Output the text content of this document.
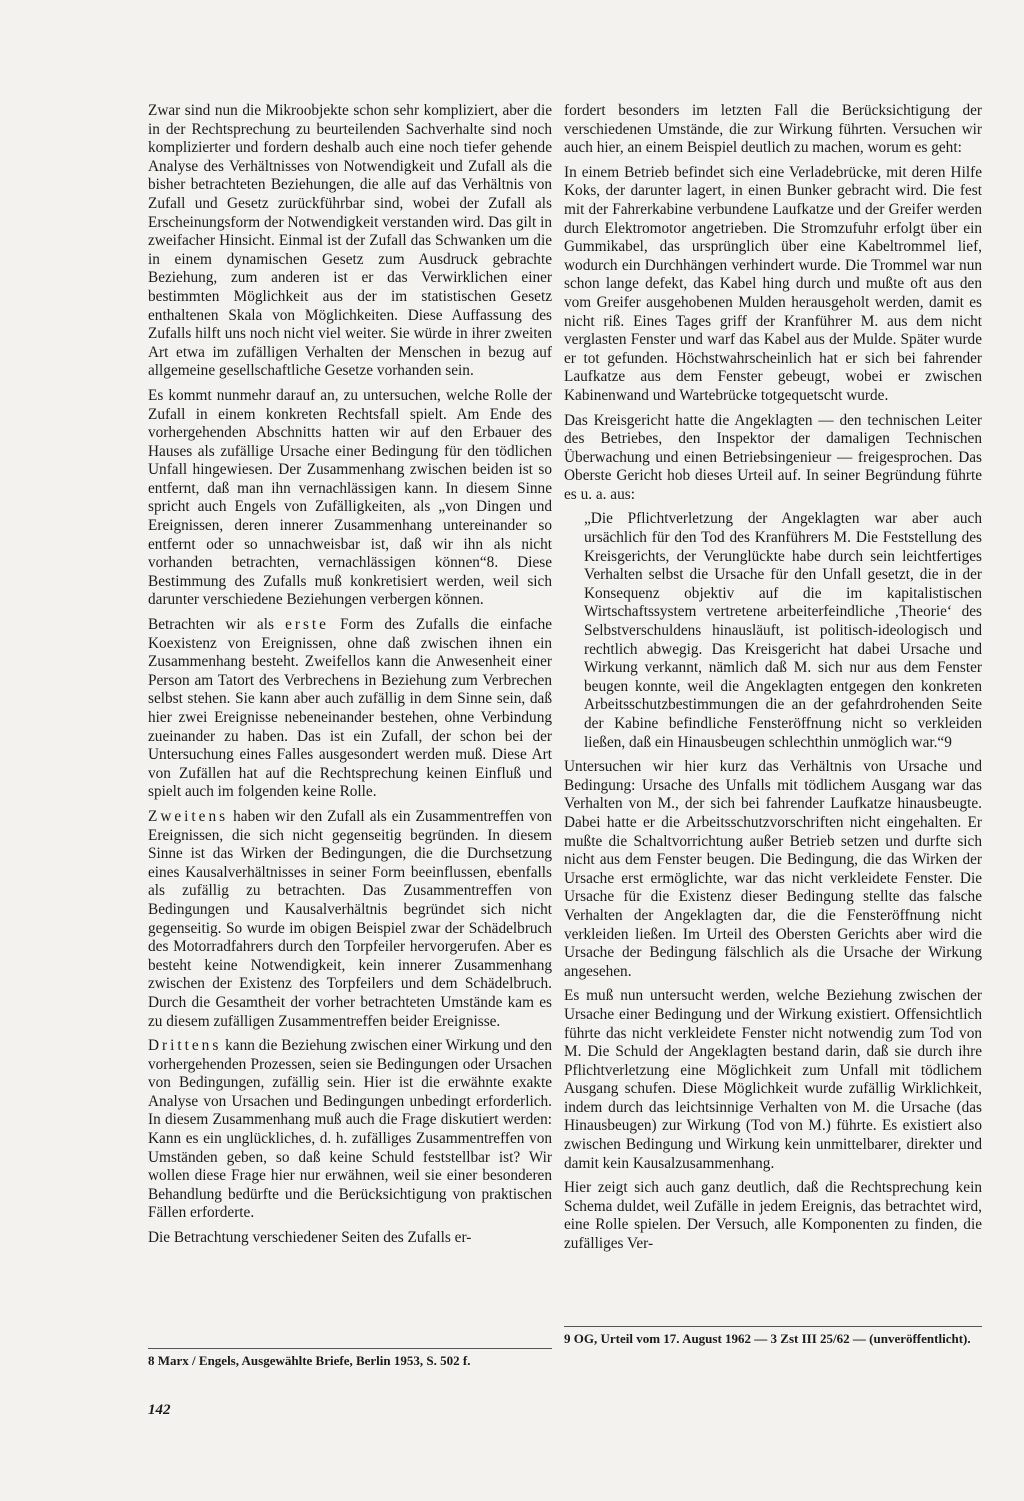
Zwar sind nun die Mikroobjekte schon sehr kompliziert, aber die in der Rechtsprechung zu beurteilenden Sachverhalte sind noch komplizierter und fordern deshalb auch eine noch tiefer gehende Analyse des Verhältnisses von Notwendigkeit und Zufall als die bisher betrachteten Beziehungen, die alle auf das Verhältnis von Zufall und Gesetz zurückführbar sind, wobei der Zufall als Erscheinungsform der Notwendigkeit verstanden wird. Das gilt in zweifacher Hinsicht. Einmal ist der Zufall das Schwanken um die in einem dynamischen Gesetz zum Ausdruck gebrachte Beziehung, zum anderen ist er das Verwirklichen einer bestimmten Möglichkeit aus der im statistischen Gesetz enthaltenen Skala von Möglichkeiten. Diese Auffassung des Zufalls hilft uns noch nicht viel weiter. Sie würde in ihrer zweiten Art etwa im zufälligen Verhalten der Menschen in bezug auf allgemeine gesellschaftliche Gesetze vorhanden sein.

Es kommt nunmehr darauf an, zu untersuchen, welche Rolle der Zufall in einem konkreten Rechtsfall spielt. Am Ende des vorhergehenden Abschnitts hatten wir auf den Erbauer des Hauses als zufällige Ursache einer Bedingung für den tödlichen Unfall hingewiesen. Der Zusammenhang zwischen beiden ist so entfernt, daß man ihn vernachlässigen kann. In diesem Sinne spricht auch Engels von Zufälligkeiten, als „von Dingen und Ereignissen, deren innerer Zusammenhang untereinander so entfernt oder so unnachweisbar ist, daß wir ihn als nicht vorhanden betrachten, vernachlässigen können“8. Diese Bestimmung des Zufalls muß konkretisiert werden, weil sich darunter verschiedene Beziehungen verbergen können.

Betrachten wir als erste Form des Zufalls die einfache Koexistenz von Ereignissen, ohne daß zwischen ihnen ein Zusammenhang besteht. Zweifellos kann die Anwesenheit einer Person am Tatort des Verbrechens in Beziehung zum Verbrechen selbst stehen. Sie kann aber auch zufällig in dem Sinne sein, daß hier zwei Ereignisse nebeneinander bestehen, ohne Verbindung zueinander zu haben. Das ist ein Zufall, der schon bei der Untersuchung eines Falles ausgesondert werden muß. Diese Art von Zufällen hat auf die Rechtsprechung keinen Einfluß und spielt auch im folgenden keine Rolle.

Zweitens haben wir den Zufall als ein Zusammentreffen von Ereignissen, die sich nicht gegenseitig begründen. In diesem Sinne ist das Wirken der Bedingungen, die die Durchsetzung eines Kausalverhältnisses in seiner Form beeinflussen, ebenfalls als zufällig zu betrachten. Das Zusammentreffen von Bedingungen und Kausalverhältnis begründet sich nicht gegenseitig. So wurde im obigen Beispiel zwar der Schädelbruch des Motorradfahrers durch den Torpfeiler hervorgerufen. Aber es besteht keine Notwendigkeit, kein innerer Zusammenhang zwischen der Existenz des Torpfeilers und dem Schädelbruch. Durch die Gesamtheit der vorher betrachteten Umstände kam es zu diesem zufälligen Zusammentreffen beider Ereignisse.

Drittens kann die Beziehung zwischen einer Wirkung und den vorhergehenden Prozessen, seien sie Bedingungen oder Ursachen von Bedingungen, zufällig sein. Hier ist die erwähnte exakte Analyse von Ursachen und Bedingungen unbedingt erforderlich. In diesem Zusammenhang muß auch die Frage diskutiert werden: Kann es ein unglückliches, d. h. zufälliges Zusammentreffen von Umständen geben, so daß keine Schuld feststellbar ist? Wir wollen diese Frage hier nur erwähnen, weil sie einer besonderen Behandlung bedürfte und die Berücksichtigung von praktischen Fällen erforderte.

Die Betrachtung verschiedener Seiten des Zufalls er-

fordert besonders im letzten Fall die Berücksichtigung der verschiedenen Umstände, die zur Wirkung führten. Versuchen wir auch hier, an einem Beispiel deutlich zu machen, worum es geht:

In einem Betrieb befindet sich eine Verladebrücke, mit deren Hilfe Koks, der darunter lagert, in einen Bunker gebracht wird. Die fest mit der Fahrerkabine verbundene Laufkatze und der Greifer werden durch Elektromotor angetrieben. Die Stromzufuhr erfolgt über ein Gummikabel, das ursprünglich über eine Kabeltrommel lief, wodurch ein Durchhängen verhindert wurde. Die Trommel war nun schon lange defekt, das Kabel hing durch und mußte oft aus den vom Greifer ausgehobenen Mulden herausgeholt werden, damit es nicht riß. Eines Tages griff der Kranführer M. aus dem nicht verglasten Fenster und warf das Kabel aus der Mulde. Später wurde er tot gefunden. Höchstwahrscheinlich hat er sich bei fahrender Laufkatze aus dem Fenster gebeugt, wobei er zwischen Kabinenwand und Wartebrücke totgequetscht wurde.

Das Kreisgericht hatte die Angeklagten — den technischen Leiter des Betriebes, den Inspektor der damaligen Technischen Überwachung und einen Betriebsingenieur — freigesprochen. Das Oberste Gericht hob dieses Urteil auf. In seiner Begründung führte es u. a. aus:

„Die Pflichtverletzung der Angeklagten war aber auch ursächlich für den Tod des Kranführers M. Die Feststellung des Kreisgerichts, der Verunglückte habe durch sein leichtfertiges Verhalten selbst die Ursache für den Unfall gesetzt, die in der Konsequenz objektiv auf die im kapitalistischen Wirtschaftssystem vertretene arbeiterfeindliche ‚Theorie‘ des Selbstverschuldens hinausläuft, ist politisch-ideologisch und rechtlich abwegig. Das Kreisgericht hat dabei Ursache und Wirkung verkannt, nämlich daß M. sich nur aus dem Fenster beugen konnte, weil die Angeklagten entgegen den konkreten Arbeitsschutzbestimmungen die an der gefahrdrohenden Seite der Kabine befindliche Fensteröffnung nicht so verkleiden ließen, daß ein Hinausbeugen schlechthin unmöglich war.“9

Untersuchen wir hier kurz das Verhältnis von Ursache und Bedingung: Ursache des Unfalls mit tödlichem Ausgang war das Verhalten von M., der sich bei fahrender Laufkatze hinausbeugte. Dabei hatte er die Arbeitsschutzvorschriften nicht eingehalten. Er mußte die Schaltvorrichtung außer Betrieb setzen und durfte sich nicht aus dem Fenster beugen. Die Bedingung, die das Wirken der Ursache erst ermöglichte, war das nicht verkleidete Fenster. Die Ursache für die Existenz dieser Bedingung stellte das falsche Verhalten der Angeklagten dar, die die Fensteröffnung nicht verkleiden ließen. Im Urteil des Obersten Gerichts aber wird die Ursache der Bedingung fälschlich als die Ursache der Wirkung angesehen.

Es muß nun untersucht werden, welche Beziehung zwischen der Ursache einer Bedingung und der Wirkung existiert. Offensichtlich führte das nicht verkleidete Fenster nicht notwendig zum Tod von M. Die Schuld der Angeklagten bestand darin, daß sie durch ihre Pflichtverletzung eine Möglichkeit zum Unfall mit tödlichem Ausgang schufen. Diese Möglichkeit wurde zufällig Wirklichkeit, indem durch das leichtsinnige Verhalten von M. die Ursache (das Hinausbeugen) zur Wirkung (Tod von M.) führte. Es existiert also zwischen Bedingung und Wirkung kein unmittelbarer, direkter und damit kein Kausalzusammenhang.

Hier zeigt sich auch ganz deutlich, daß die Rechtsprechung kein Schema duldet, weil Zufälle in jedem Ereignis, das betrachtet wird, eine Rolle spielen. Der Versuch, alle Komponenten zu finden, die zufälliges Ver-

8 Marx / Engels, Ausgewählte Briefe, Berlin 1953, S. 502 f.
9 OG, Urteil vom 17. August 1962 — 3 Zst III 25/62 — (unveröffentlicht).
142
